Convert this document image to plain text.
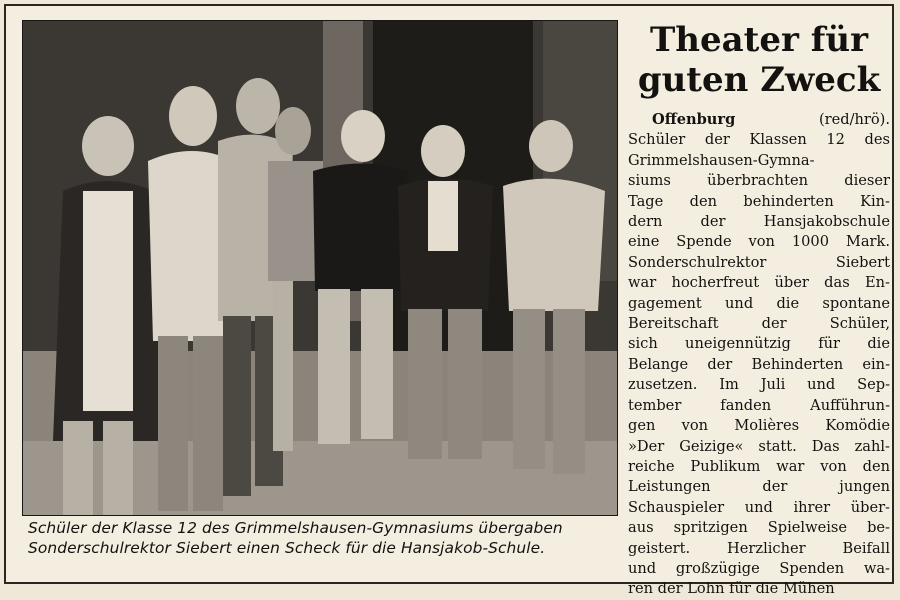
Schüler der Klasse 12 des Grimmelshausen-Gymnasiums übergaben Sonderschulrektor Siebert einen Scheck für die Hansjakob-Schule.

Theater für guten Zweck
Offenburg	(red/hrö).
Schüler der Klassen 12 des
Grimmelshausen-Gymna-
siums überbrachten dieser
Tage den behinderten Kin-
dern der Hansjakobschule
eine Spende von 1000 Mark.
Sonderschulrektor Siebert
war hocherfreut über das En-
gagement und die spontane
Bereitschaft der Schüler,
sich uneigennützig für die
Belange der Behinderten ein-
zusetzen. Im Juli und Sep-
tember fanden Aufführun-
gen von Molières Komödie
»Der Geizige« statt. Das zahl-
reiche Publikum war von den
Leistungen der jungen
Schauspieler und ihrer über-
aus spritzigen Spielweise be-
geistert. Herzlicher Beifall
und großzügige Spenden wa-
ren der Lohn für die Mühen
